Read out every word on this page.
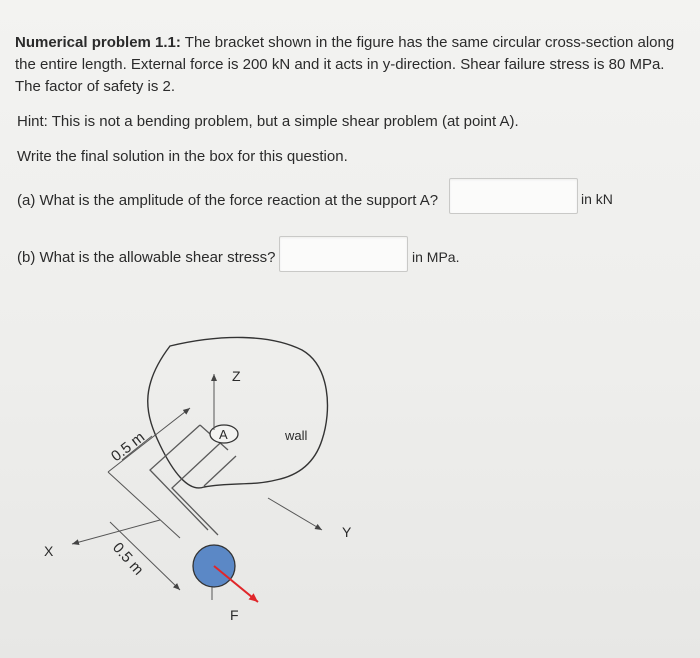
Numerical problem 1.1: The bracket shown in the figure has the same circular cross-section along the entire length. External force is 200 kN and it acts in y-direction. Shear failure stress is 80 MPa. The factor of safety is 2.

Hint: This is not a bending problem, but a simple shear problem (at point A).

Write the final solution in the box for this question.

(a) What is the amplitude of the force reaction at the support A?	in kN
(b) What is the allowable shear stress?	in MPa.
Z
Y
X
A	wall
F
0.5 m
0.5 m
